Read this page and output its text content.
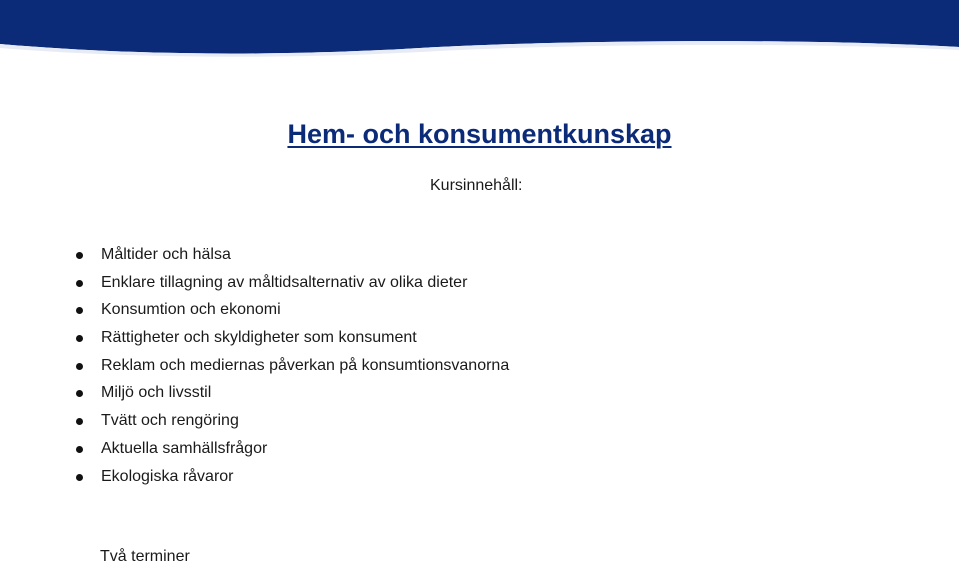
Hem- och konsumentkunskap
Kursinnehåll:
Måltider och hälsa
Enklare tillagning av måltidsalternativ av olika dieter
Konsumtion och ekonomi
Rättigheter och skyldigheter som konsument
Reklam och mediernas påverkan på konsumtionsvanorna
Miljö och livsstil
Tvätt och rengöring
Aktuella samhällsfrågor
Ekologiska råvaror
Två terminer
